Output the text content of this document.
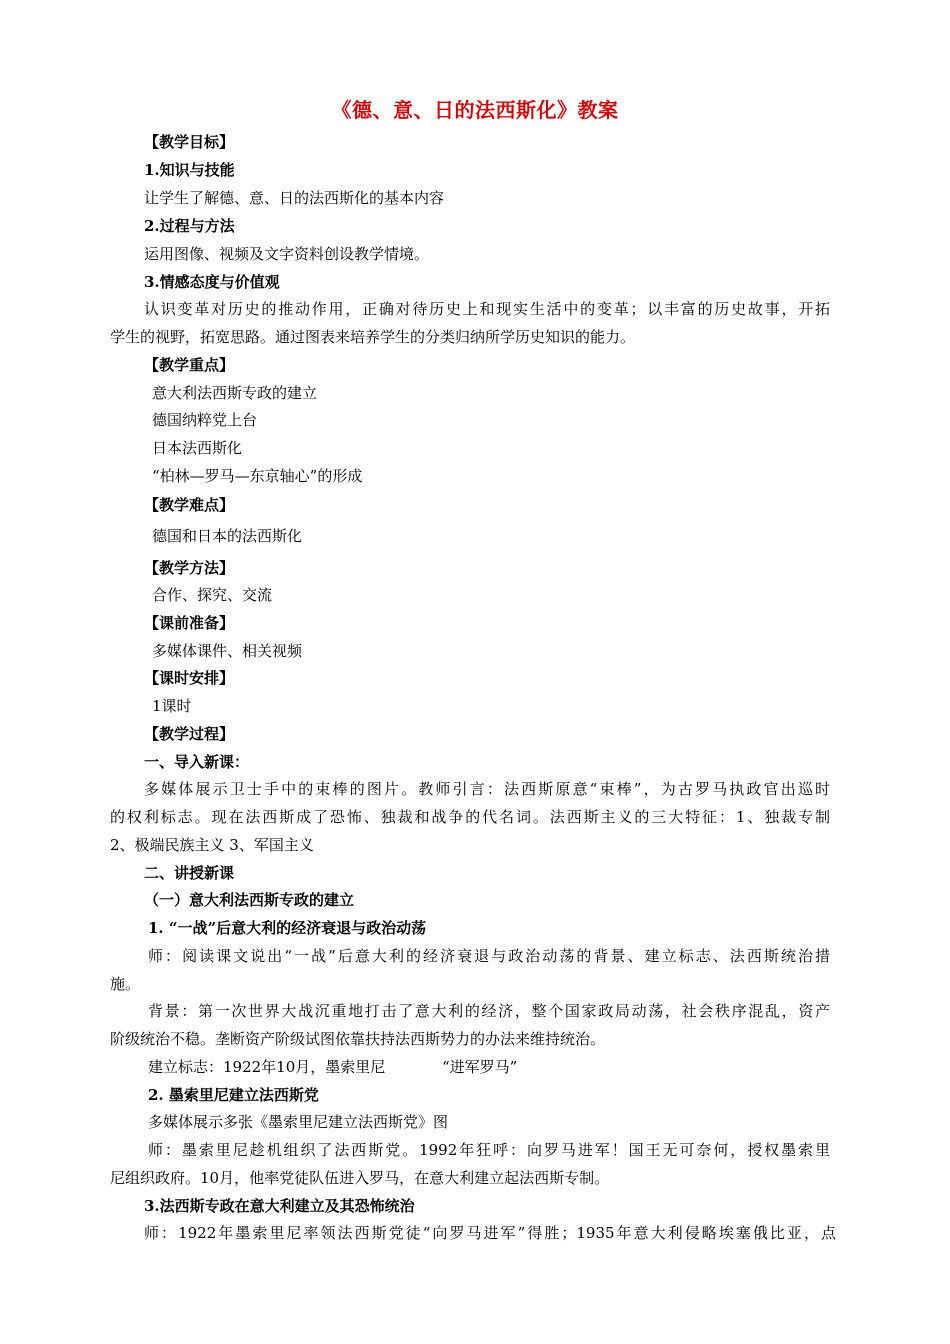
《德、意、日的法西斯化》教案
【教学目标】
1.知识与技能
让学生了解德、意、日的法西斯化的基本内容
2.过程与方法
运用图像、视频及文字资料创设教学情境。
3.情感态度与价值观
认识变革对历史的推动作用，正确对待历史上和现实生活中的变革；以丰富的历史故事，开拓
学生的视野，拓宽思路。通过图表来培养学生的分类归纳所学历史知识的能力。
【教学重点】
意大利法西斯专政的建立
德国纳粹党上台
日本法西斯化
“柏林—罗马—东京轴心”的形成
【教学难点】
德国和日本的法西斯化
【教学方法】
合作、探究、交流
【课前准备】
多媒体课件、相关视频
【课时安排】
1课时
【教学过程】
一、导入新课：
多媒体展示卫士手中的束棒的图片。教师引言：法西斯原意“束棒”，为古罗马执政官出巡时
的权利标志。现在法西斯成了恐怖、独裁和战争的代名词。法西斯主义的三大特征：1、独裁专制
2、极端民族主义 3、军国主义
二、讲授新课
（一）意大利法西斯专政的建立
1. “一战”后意大利的经济衰退与政治动荡
师：阅读课文说出“一战”后意大利的经济衰退与政治动荡的背景、建立标志、法西斯统治措
施。
背景：第一次世界大战沉重地打击了意大利的经济，整个国家政局动荡，社会秩序混乱，资产
阶级统治不稳。垄断资产阶级试图依靠扶持法西斯势力的办法来维持统治。
建立标志：1922年10月，墨索里尼	“进军罗马”
2. 墨索里尼建立法西斯党
多媒体展示多张《墨索里尼建立法西斯党》图
师：墨索里尼趁机组织了法西斯党。1992年狂呼：向罗马进军！国王无可奈何，授权墨索里
尼组织政府。10月，他率党徒队伍进入罗马，在意大利建立起法西斯专制。
3.法西斯专政在意大利建立及其恐怖统治
师：1922年墨索里尼率领法西斯党徒“向罗马进军”得胜；1935年意大利侵略埃塞俄比亚，点
